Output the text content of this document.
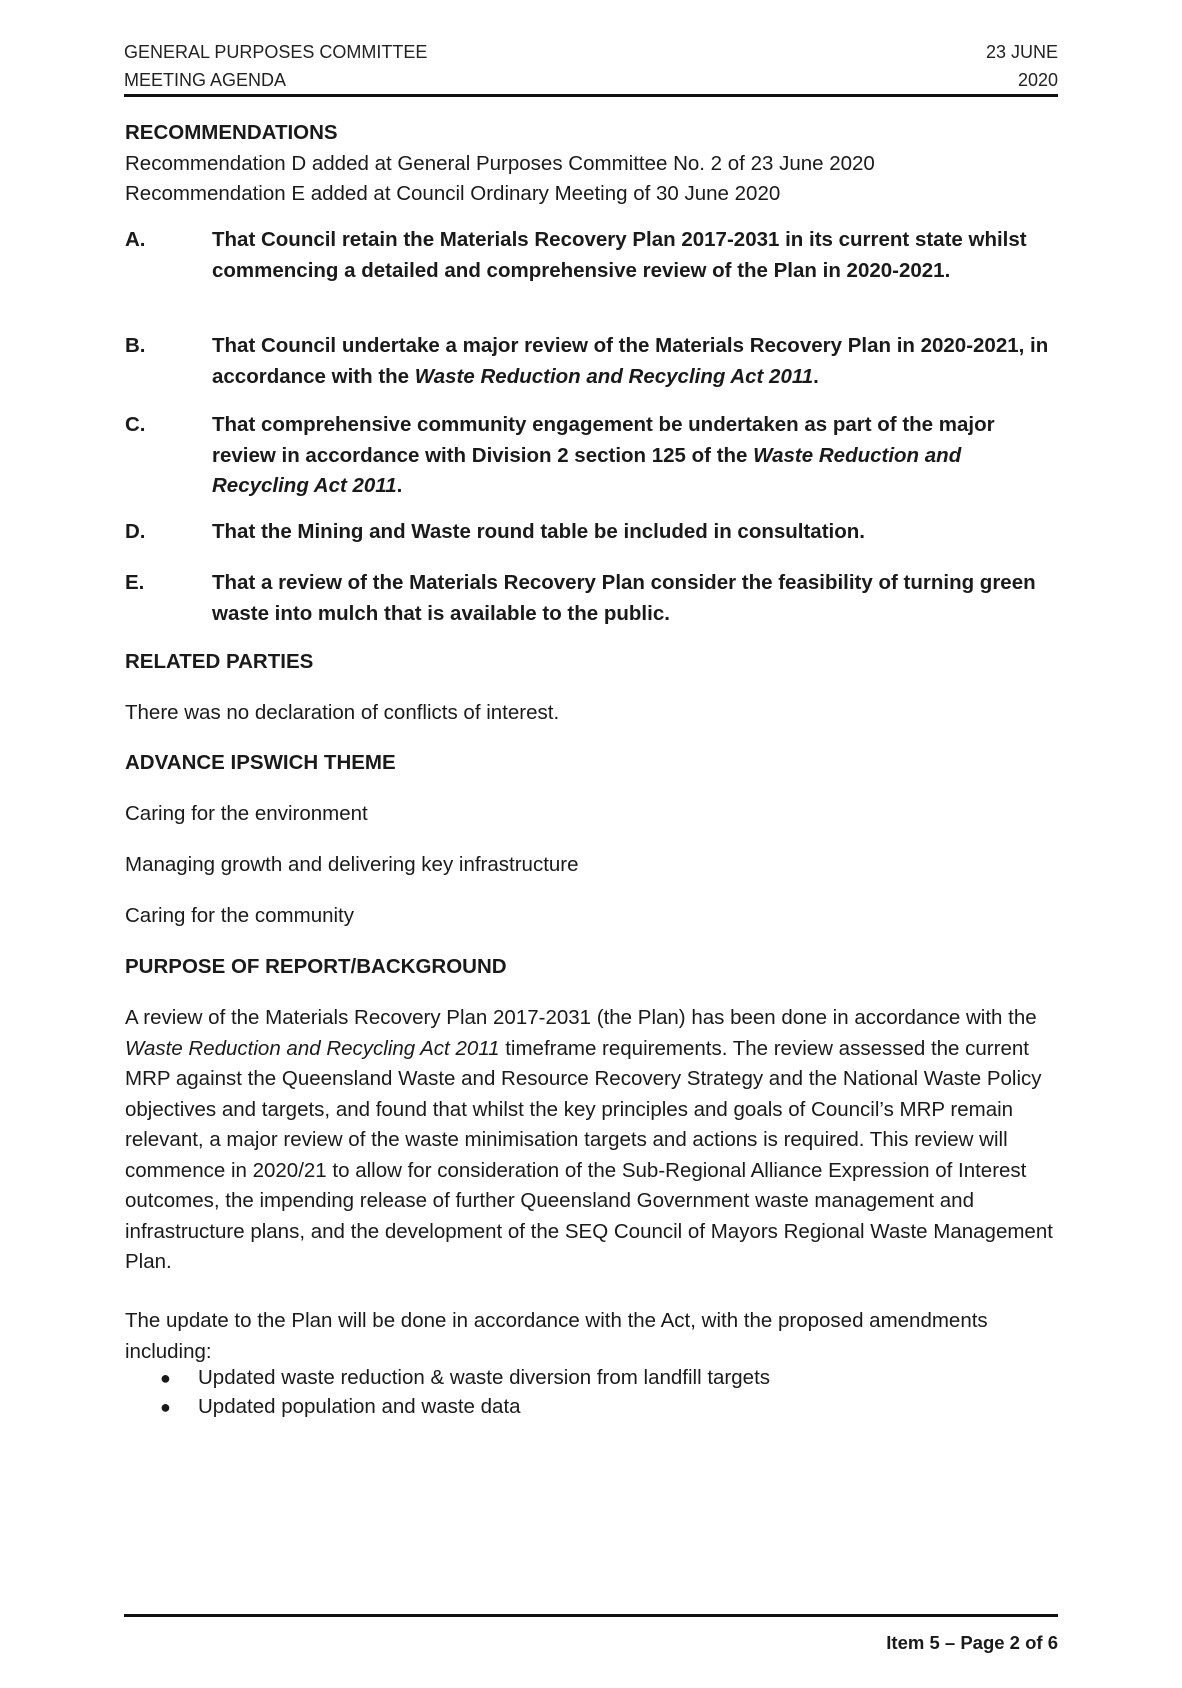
GENERAL PURPOSES COMMITTEE
MEETING AGENDA
23 JUNE
2020
RECOMMENDATIONS
Recommendation D added at General Purposes Committee No. 2 of 23 June 2020
Recommendation E added at Council Ordinary Meeting of 30 June 2020
A.	That Council retain the Materials Recovery Plan 2017-2031 in its current state whilst commencing a detailed and comprehensive review of the Plan in 2020-2021.
B.	That Council undertake a major review of the Materials Recovery Plan in 2020-2021, in accordance with the Waste Reduction and Recycling Act 2011.
C.	That comprehensive community engagement be undertaken as part of the major review in accordance with Division 2 section 125 of the Waste Reduction and Recycling Act 2011.
D.	That the Mining and Waste round table be included in consultation.
E.	That a review of the Materials Recovery Plan consider the feasibility of turning green waste into mulch that is available to the public.
RELATED PARTIES
There was no declaration of conflicts of interest.
ADVANCE IPSWICH THEME
Caring for the environment
Managing growth and delivering key infrastructure
Caring for the community
PURPOSE OF REPORT/BACKGROUND
A review of the Materials Recovery Plan 2017-2031 (the Plan) has been done in accordance with the Waste Reduction and Recycling Act 2011 timeframe requirements. The review assessed the current MRP against the Queensland Waste and Resource Recovery Strategy and the National Waste Policy objectives and targets, and found that whilst the key principles and goals of Council’s MRP remain relevant, a major review of the waste minimisation targets and actions is required. This review will commence in 2020/21 to allow for consideration of the Sub-Regional Alliance Expression of Interest outcomes, the impending release of further Queensland Government waste management and infrastructure plans, and the development of the SEQ Council of Mayors Regional Waste Management Plan.
The update to the Plan will be done in accordance with the Act, with the proposed amendments including:
● Updated waste reduction & waste diversion from landfill targets
● Updated population and waste data
Item 5 – Page 2 of 6
